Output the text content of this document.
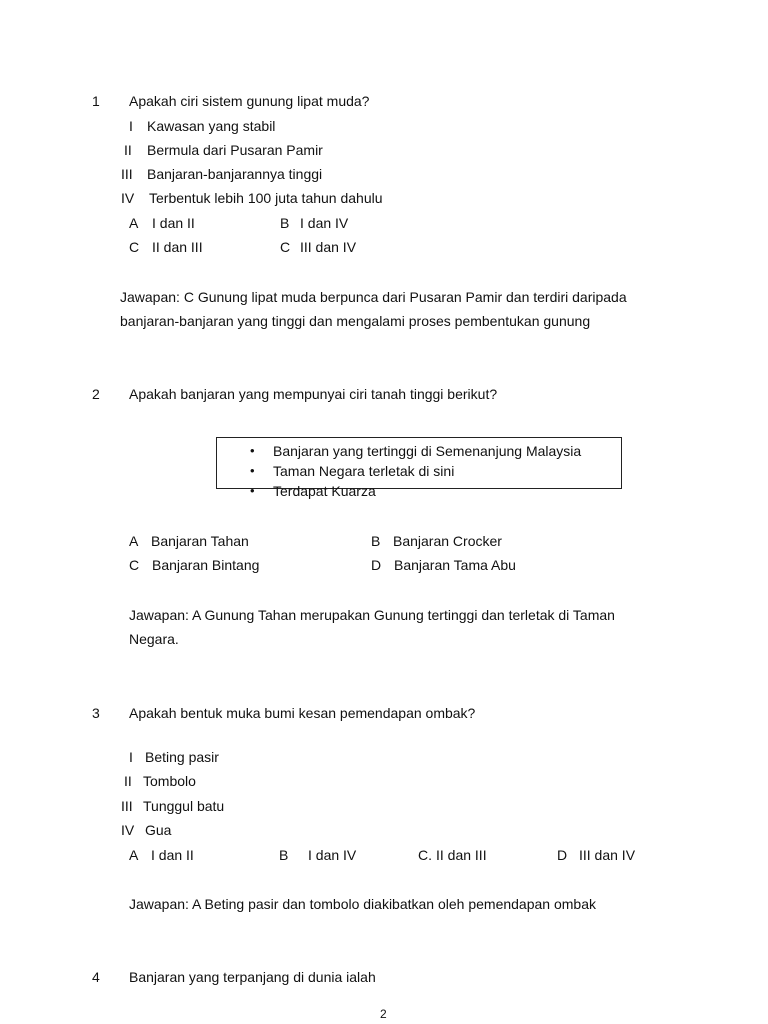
1 Apakah ciri sistem gunung lipat muda?
I Kawasan yang stabil
II Bermula dari Pusaran Pamir
III Banjaran-banjarannya tinggi
IV Terbentuk lebih 100 juta tahun dahulu
A I dan II	B I dan IV
C II dan III	C III dan IV
Jawapan: C Gunung lipat muda berpunca dari Pusaran Pamir dan terdiri daripada
banjaran-banjaran yang tinggi dan mengalami proses pembentukan gunung
2 Apakah banjaran yang mempunyai ciri tanah tinggi berikut?
• Banjaran yang tertinggi di Semenanjung Malaysia
• Taman Negara terletak di sini
• Terdapat Kuarza
A Banjaran Tahan	B Banjaran Crocker
C Banjaran Bintang	D Banjaran Tama Abu
Jawapan: A Gunung Tahan merupakan Gunung tertinggi dan terletak di Taman
Negara.
3 Apakah bentuk muka bumi kesan pemendapan ombak?
I Beting pasir
II Tombolo
III Tunggul batu
IV Gua
A I dan II	B I dan IV	C. II dan III	D III dan IV
Jawapan: A Beting pasir dan tombolo diakibatkan oleh pemendapan ombak
4 Banjaran yang terpanjang di dunia ialah
2
